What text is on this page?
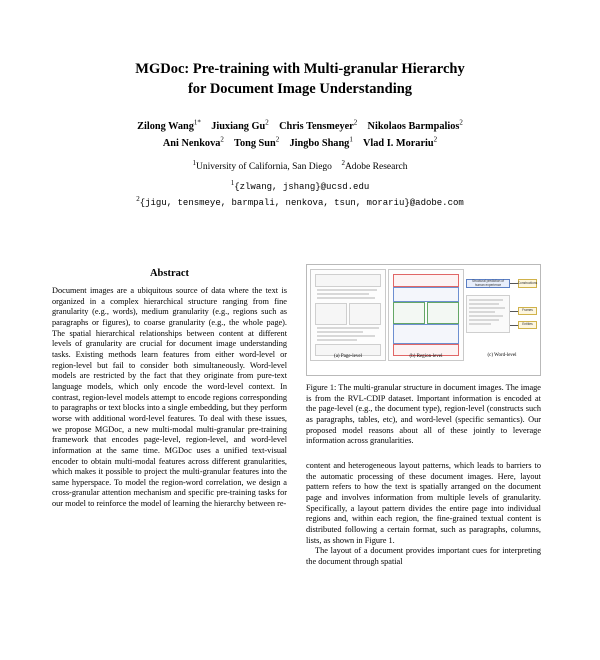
MGDoc: Pre-training with Multi-granular Hierarchy
for Document Image Understanding
Zilong Wang$^{1*}$ Jiuxiang Gu$^2$ Chris Tensmeyer$^2$ Nikolaos Barmpalios$^2$
Ani Nenkova$^2$ Tong Sun$^2$ Jingbo Shang$^1$ Vlad I. Morariu$^2$
$^1$University of California, San Diego $^2$Adobe Research
$^1${zlwang, jshang}@ucsd.edu
$^2${jigu, tensmeye, barmpali, nenkova, tsun, morariu}@adobe.com
Abstract

Document images are a ubiquitous source of data where the text is organized in a complex hierarchical structure ranging from fine granularity (e.g., words), medium granularity (e.g., regions such as paragraphs or figures), to coarse granularity (e.g., the whole page). The spatial hierarchical relationships between content at different levels of granularity are crucial for document image understanding tasks. Existing methods learn features from either word-level or region-level but fail to consider both simultaneously. Word-level models are restricted by the fact that they originate from pure-text language models, which only encode the word-level context. In contrast, region-level models attempt to encode regions corresponding to paragraphs or text blocks into a single embedding, but they perform worse with additional word-level features. To deal with these issues, we propose MGDoc, a new multi-modal multi-granular pre-training framework that encodes page-level, region-level, and word-level information at the same time. MGDoc uses a unified text-visual encoder to obtain multi-modal features across different granularities, which makes it possible to project the multi-granular features into the same hyperspace. To model the region-word correlation, we design a cross-granular attention mechanism and specific pre-training tasks for our model to reinforce the model of learning the hierarchy between re-

(a) Page-level	(b) Region-level
Structural prediction of human experience	Constructions
Frames
Entities
(c) Word-level

Figure 1: The multi-granular structure in document images. The image is from the RVL-CDIP dataset. Important information is encoded at the page-level (e.g., the document type), region-level (constructs such as paragraphs, tables, etc), and word-level (specific semantics). Our proposed model reasons about all of these jointly to leverage information across granularities.

content and heterogeneous layout patterns, which leads to barriers to the automatic processing of these document images. Here, layout pattern refers to how the text is spatially arranged on the document page and involves information from multiple levels of granularity. Specifically, a layout pattern divides the entire page into individual regions and, within each region, the fine-grained textual content is distributed following a certain format, such as paragraphs, columns, lists, as shown in Figure 1.

The layout of a document provides important cues for interpreting the document through spatial
